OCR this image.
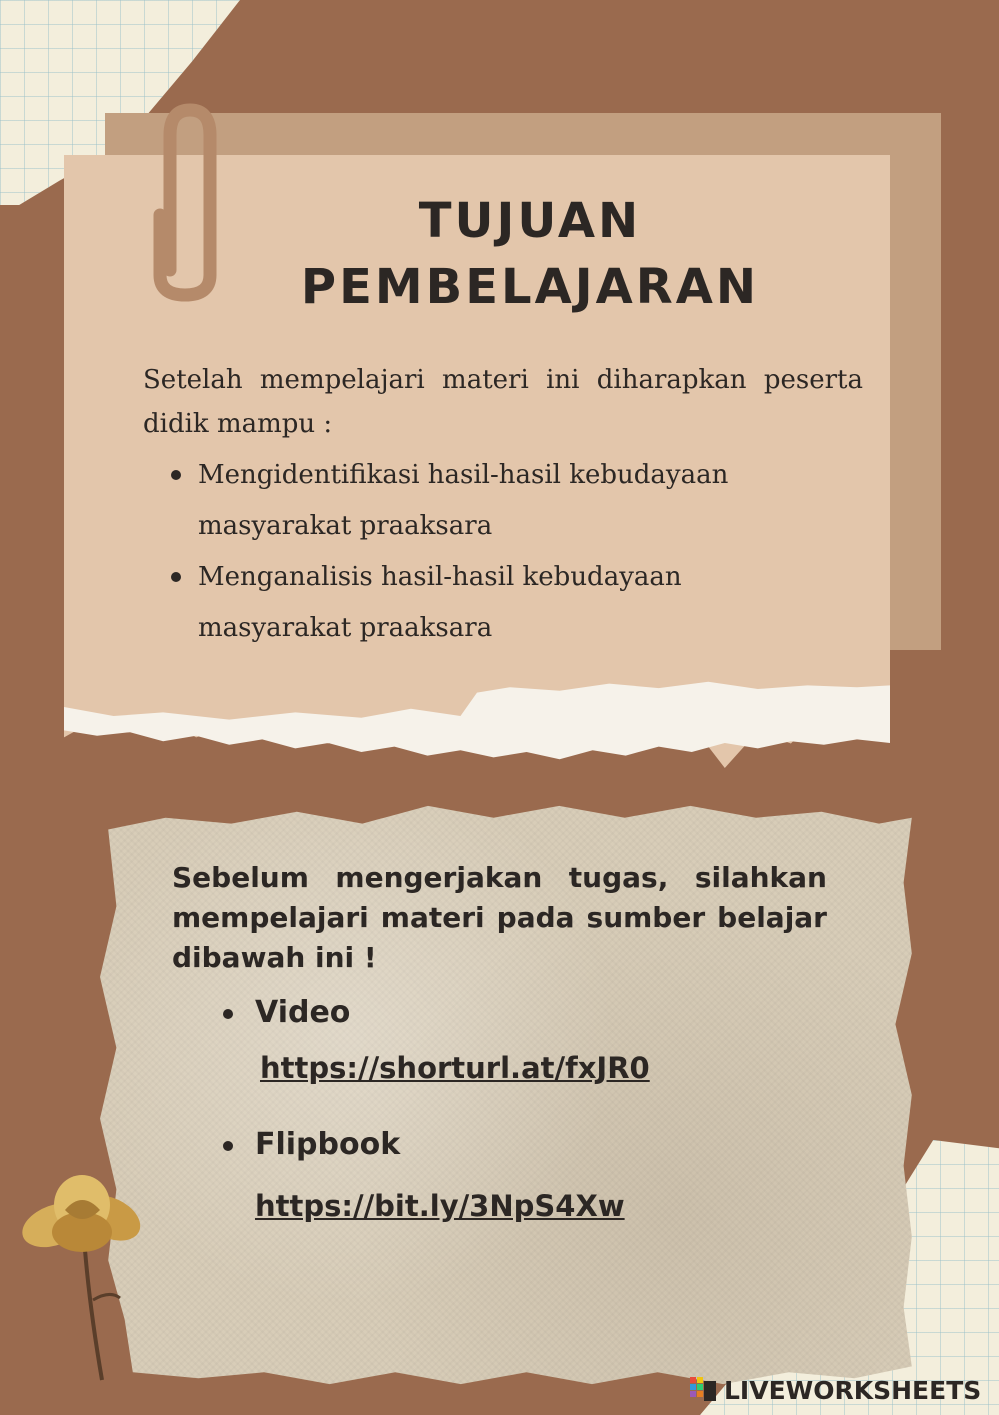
TUJUAN
PEMBELAJARAN

Setelah mempelajari materi ini diharapkan peserta didik mampu :

Mengidentifikasi hasil-hasil kebudayaan masyarakat praaksara
Menganalisis hasil-hasil kebudayaan masyarakat praaksara

Sebelum mengerjakan tugas, silahkan mempelajari materi pada sumber belajar dibawah ini !

Video
https://shorturl.at/fxJR0
Flipbook
https://bit.ly/3NpS4Xw
LIVEWORKSHEETS
